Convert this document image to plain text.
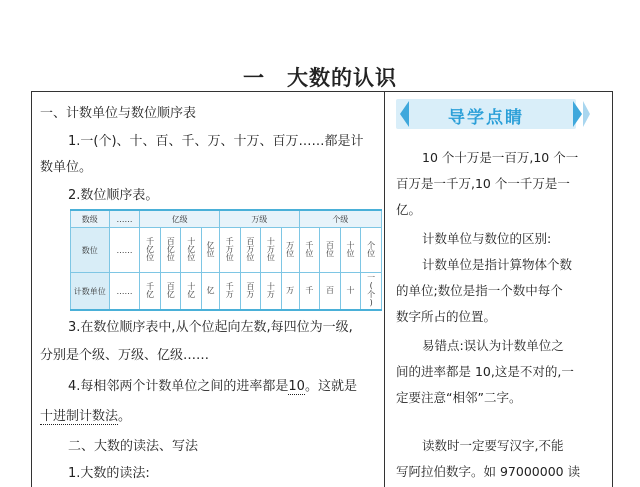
一 大数的认识
一、计数单位与数位顺序表
1.一(个)、十、百、千、万、十万、百万……都是计
数单位。
2.数位顺序表。
数级	……	亿级				万级				个级			
数位	……	千亿位	百亿位	十亿位	亿位	千万位	百万位	十万位	万位	千位	百位	十位	个位
计数单位	……	千亿	百亿	十亿	亿	千万	百万	十万	万	千	百	十	一(个)
3.在数位顺序表中,从个位起向左数,每四位为一级,
分别是个级、万级、亿级……
4.每相邻两个计数单位之间的进率都是10。这就是
十进制计数法。
二、大数的读法、写法
1.大数的读法:
导学点睛
10 个十万是一百万,10 个一
百万是一千万,10 个一千万是一
亿。
计数单位与数位的区别:
计数单位是指计算物体个数
的单位;数位是指一个数中每个
数字所占的位置。
易错点:误认为计数单位之
间的进率都是 10,这是不对的,一
定要注意“相邻”二字。
读数时一定要写汉字,不能
写阿拉伯数字。如 97000000 读
